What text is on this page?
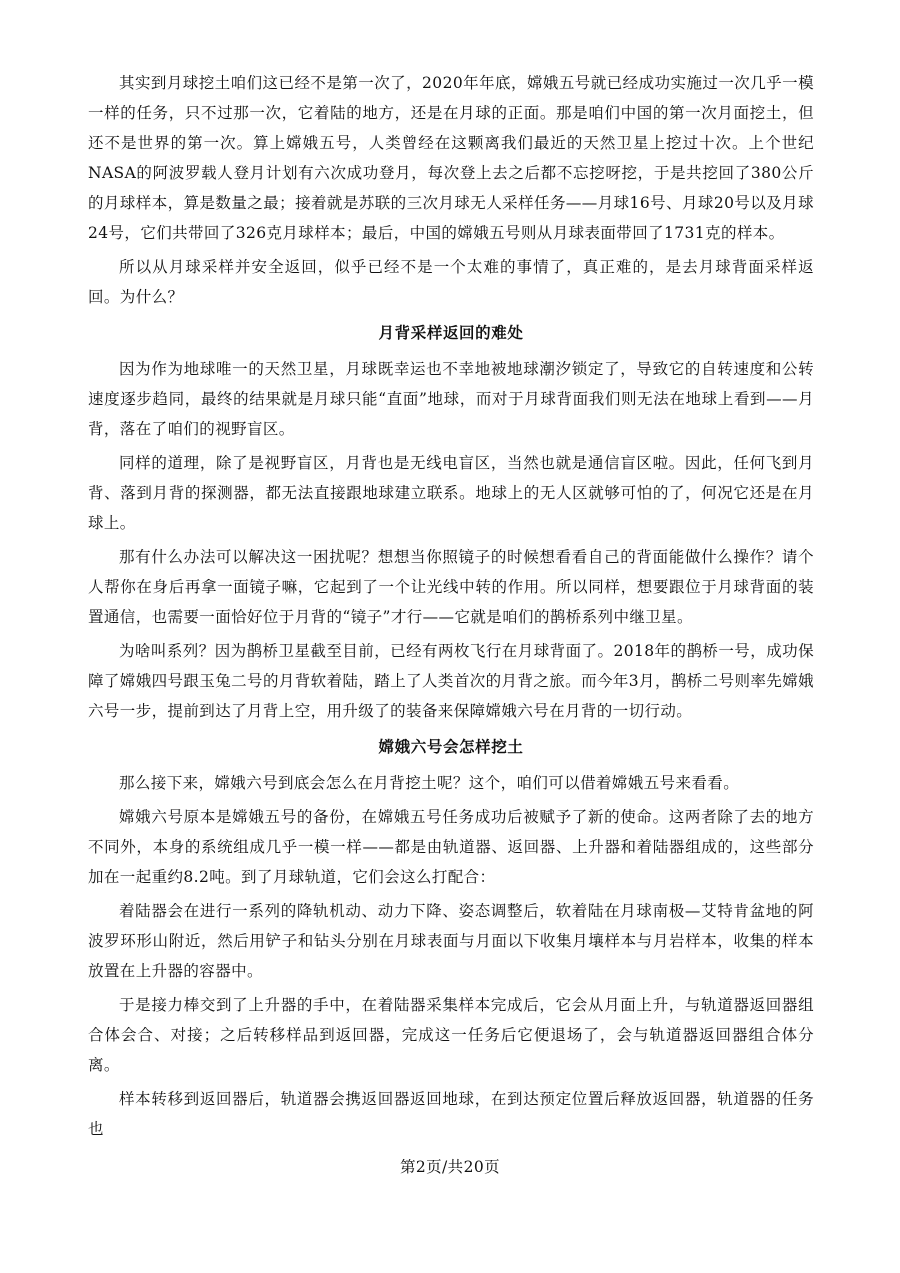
其实到月球挖土咱们这已经不是第一次了，2020年年底，嫦娥五号就已经成功实施过一次几乎一模一样的任务，只不过那一次，它着陆的地方，还是在月球的正面。那是咱们中国的第一次月面挖土，但还不是世界的第一次。算上嫦娥五号，人类曾经在这颗离我们最近的天然卫星上挖过十次。上个世纪NASA的阿波罗载人登月计划有六次成功登月，每次登上去之后都不忘挖呀挖，于是共挖回了380公斤的月球样本，算是数量之最；接着就是苏联的三次月球无人采样任务——月球16号、月球20号以及月球24号，它们共带回了326克月球样本；最后，中国的嫦娥五号则从月球表面带回了1731克的样本。

所以从月球采样并安全返回，似乎已经不是一个太难的事情了，真正难的，是去月球背面采样返回。为什么？

月背采样返回的难处

因为作为地球唯一的天然卫星，月球既幸运也不幸地被地球潮汐锁定了，导致它的自转速度和公转速度逐步趋同，最终的结果就是月球只能“直面”地球，而对于月球背面我们则无法在地球上看到——月背，落在了咱们的视野盲区。

同样的道理，除了是视野盲区，月背也是无线电盲区，当然也就是通信盲区啦。因此，任何飞到月背、落到月背的探测器，都无法直接跟地球建立联系。地球上的无人区就够可怕的了，何况它还是在月球上。

那有什么办法可以解决这一困扰呢？想想当你照镜子的时候想看看自己的背面能做什么操作？请个人帮你在身后再拿一面镜子嘛，它起到了一个让光线中转的作用。所以同样，想要跟位于月球背面的装置通信，也需要一面恰好位于月背的“镜子”才行——它就是咱们的鹊桥系列中继卫星。

为啥叫系列？因为鹊桥卫星截至目前，已经有两枚飞行在月球背面了。2018年的鹊桥一号，成功保障了嫦娥四号跟玉兔二号的月背软着陆，踏上了人类首次的月背之旅。而今年3月，鹊桥二号则率先嫦娥六号一步，提前到达了月背上空，用升级了的装备来保障嫦娥六号在月背的一切行动。

嫦娥六号会怎样挖土

那么接下来，嫦娥六号到底会怎么在月背挖土呢？这个，咱们可以借着嫦娥五号来看看。

嫦娥六号原本是嫦娥五号的备份，在嫦娥五号任务成功后被赋予了新的使命。这两者除了去的地方不同外，本身的系统组成几乎一模一样——都是由轨道器、返回器、上升器和着陆器组成的，这些部分加在一起重约8.2吨。到了月球轨道，它们会这么打配合：

着陆器会在进行一系列的降轨机动、动力下降、姿态调整后，软着陆在月球南极—艾特肯盆地的阿波罗环形山附近，然后用铲子和钻头分别在月球表面与月面以下收集月壤样本与月岩样本，收集的样本放置在上升器的容器中。

于是接力棒交到了上升器的手中，在着陆器采集样本完成后，它会从月面上升，与轨道器返回器组合体会合、对接；之后转移样品到返回器，完成这一任务后它便退场了，会与轨道器返回器组合体分离。

样本转移到返回器后，轨道器会携返回器返回地球，在到达预定位置后释放返回器，轨道器的任务也

第2页/共20页
